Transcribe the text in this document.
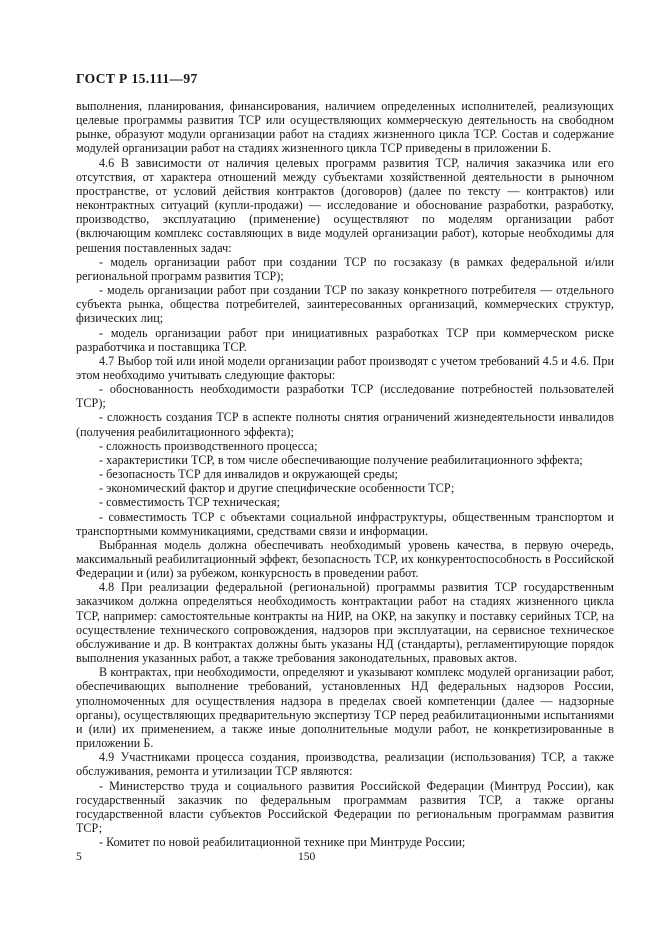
ГОСТ Р 15.111—97

выполнения, планирования, финансирования, наличием определенных исполнителей, реализующих целевые программы развития ТСР или осуществляющих коммерческую деятельность на свободном рынке, образуют модули организации работ на стадиях жизненного цикла ТСР. Состав и содержание модулей организации работ на стадиях жизненного цикла ТСР приведены в приложении Б.

4.6 В зависимости от наличия целевых программ развития ТСР, наличия заказчика или его отсутствия, от характера отношений между субъектами хозяйственной деятельности в рыночном пространстве, от условий действия контрактов (договоров) (далее по тексту — контрактов) или неконтрактных ситуаций (купли-продажи) — исследование и обоснование разработки, разработку, производство, эксплуатацию (применение) осуществляют по моделям организации работ (включающим комплекс составляющих в виде модулей организации работ), которые необходимы для решения поставленных задач:

- модель организации работ при создании ТСР по госзаказу (в рамках федеральной и/или региональной программ развития ТСР);

- модель организации работ при создании ТСР по заказу конкретного потребителя — отдельного субъекта рынка, общества потребителей, заинтересованных организаций, коммерческих структур, физических лиц;

- модель организации работ при инициативных разработках ТСР при коммерческом риске разработчика и поставщика ТСР.

4.7 Выбор той или иной модели организации работ производят с учетом требований 4.5 и 4.6. При этом необходимо учитывать следующие факторы:

- обоснованность необходимости разработки ТСР (исследование потребностей пользователей ТСР);

- сложность создания ТСР в аспекте полноты снятия ограничений жизнедеятельности инвалидов (получения реабилитационного эффекта);

- сложность производственного процесса;

- характеристики ТСР, в том числе обеспечивающие получение реабилитационного эффекта;

- безопасность ТСР для инвалидов и окружающей среды;

- экономический фактор и другие специфические особенности ТСР;

- совместимость ТСР техническая;

- совместимость ТСР с объектами социальной инфраструктуры, общественным транспортом и транспортными коммуникациями, средствами связи и информации.

Выбранная модель должна обеспечивать необходимый уровень качества, в первую очередь, максимальный реабилитационный эффект, безопасность ТСР, их конкурентоспособность в Российской Федерации и (или) за рубежом, конкурсность в проведении работ.

4.8 При реализации федеральной (региональной) программы развития ТСР государственным заказчиком должна определяться необходимость контрактации работ на стадиях жизненного цикла ТСР, например: самостоятельные контракты на НИР, на ОКР, на закупку и поставку серийных ТСР, на осуществление технического сопровождения, надзоров при эксплуатации, на сервисное техническое обслуживание и др. В контрактах должны быть указаны НД (стандарты), регламентирующие порядок выполнения указанных работ, а также требования законодательных, правовых актов.

В контрактах, при необходимости, определяют и указывают комплекс модулей организации работ, обеспечивающих выполнение требований, установленных НД федеральных надзоров России, уполномоченных для осуществления надзора в пределах своей компетенции (далее — надзорные органы), осуществляющих предварительную экспертизу ТСР перед реабилитационными испытаниями и (или) их применением, а также иные дополнительные модули работ, не конкретизированные в приложении Б.

4.9 Участниками процесса создания, производства, реализации (использования) ТСР, а также обслуживания, ремонта и утилизации ТСР являются:

- Министерство труда и социального развития Российской Федерации (Минтруд России), как государственный заказчик по федеральным программам развития ТСР, а также органы государственной власти субъектов Российской Федерации по региональным программам развития ТСР;

- Комитет по новой реабилитационной технике при Минтруде России;

5	150
